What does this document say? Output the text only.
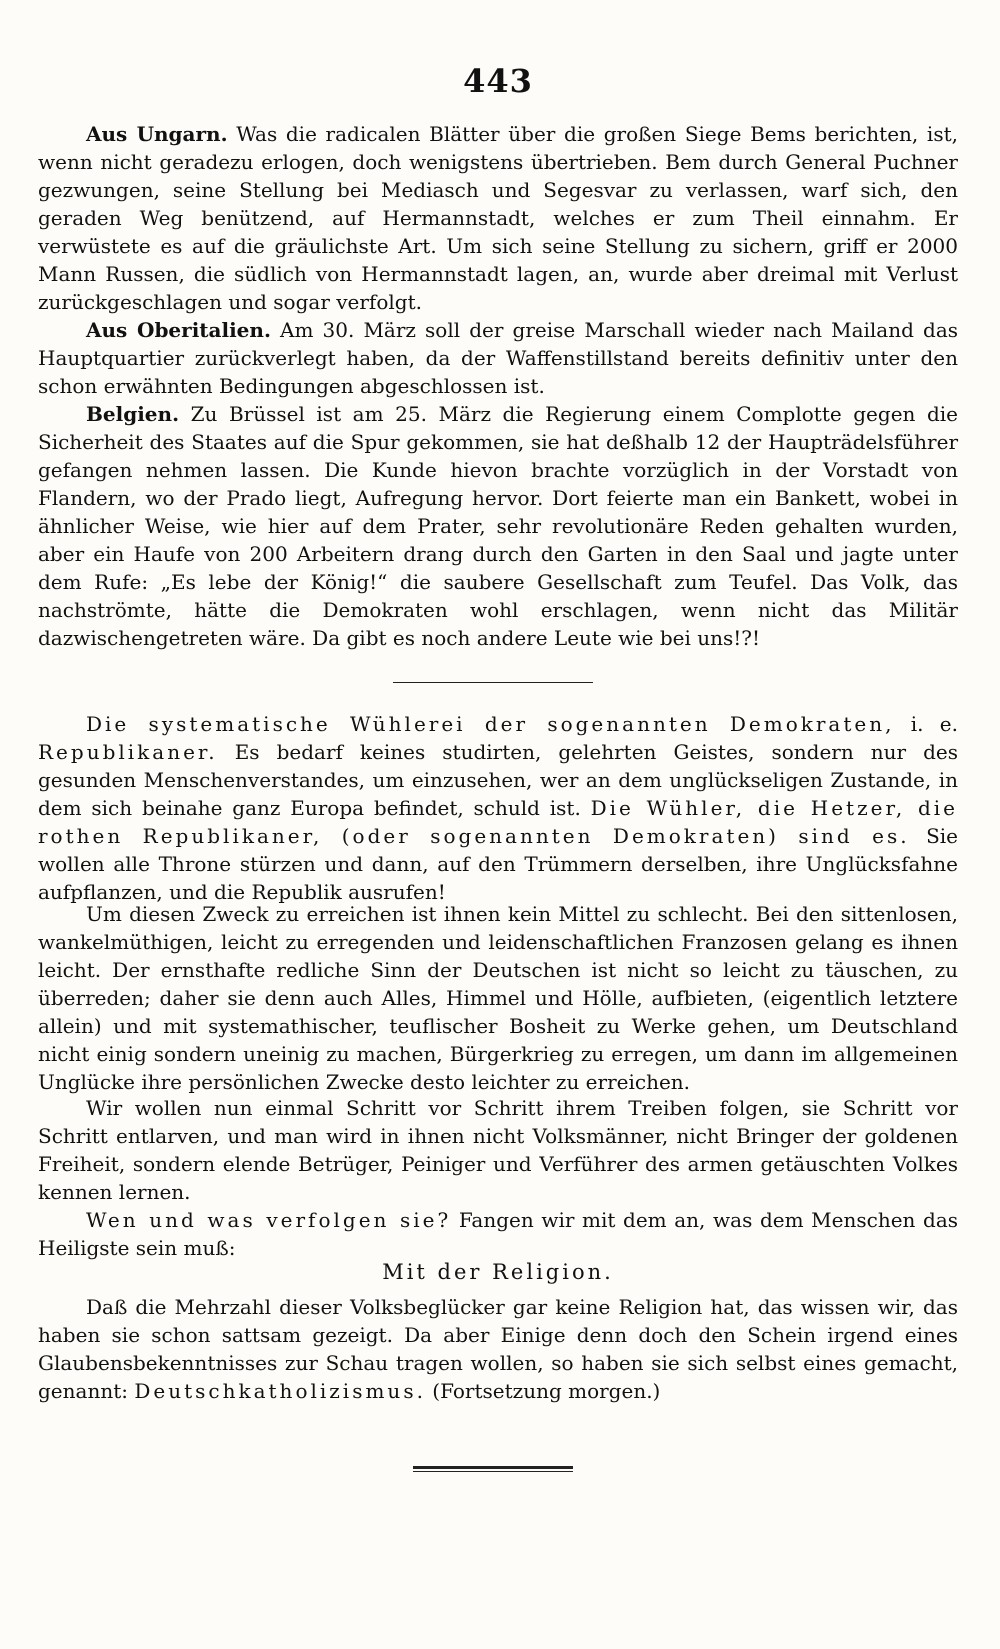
443

Aus Ungarn. Was die radicalen Blätter über die großen Siege Bems berichten, ist, wenn nicht geradezu erlogen, doch wenigstens übertrieben. Bem durch General Puchner gezwungen, seine Stellung bei Mediasch und Segesvar zu verlassen, warf sich, den geraden Weg benützend, auf Hermannstadt, welches er zum Theil einnahm. Er verwüstete es auf die gräulichste Art. Um sich seine Stellung zu sichern, griff er 2000 Mann Russen, die südlich von Hermannstadt lagen, an, wurde aber dreimal mit Verlust zurückgeschlagen und sogar verfolgt.

Aus Oberitalien. Am 30. März soll der greise Marschall wieder nach Mailand das Hauptquartier zurückverlegt haben, da der Waffenstillstand bereits definitiv unter den schon erwähnten Bedingungen abgeschlossen ist.

Belgien. Zu Brüssel ist am 25. März die Regierung einem Complotte gegen die Sicherheit des Staates auf die Spur gekommen, sie hat deßhalb 12 der Haupträdelsführer gefangen nehmen lassen. Die Kunde hievon brachte vorzüglich in der Vorstadt von Flandern, wo der Prado liegt, Aufregung hervor. Dort feierte man ein Bankett, wobei in ähnlicher Weise, wie hier auf dem Prater, sehr revolutionäre Reden gehalten wurden, aber ein Haufe von 200 Arbeitern drang durch den Garten in den Saal und jagte unter dem Rufe: „Es lebe der König!“ die saubere Gesellschaft zum Teufel. Das Volk, das nachströmte, hätte die Demokraten wohl erschlagen, wenn nicht das Militär dazwischengetreten wäre. Da gibt es noch andere Leute wie bei uns!?!

Die systematische Wühlerei der sogenannten Demokraten, i. e. Republikaner. Es bedarf keines studirten, gelehrten Geistes, sondern nur des gesunden Menschenverstandes, um einzusehen, wer an dem unglückseligen Zustande, in dem sich beinahe ganz Europa befindet, schuld ist. Die Wühler, die Hetzer, die rothen Republikaner, (oder sogenannten Demokraten) sind es. Sie wollen alle Throne stürzen und dann, auf den Trümmern derselben, ihre Unglücksfahne aufpflanzen, und die Republik ausrufen!

Um diesen Zweck zu erreichen ist ihnen kein Mittel zu schlecht. Bei den sittenlosen, wankelmüthigen, leicht zu erregenden und leidenschaftlichen Franzosen gelang es ihnen leicht. Der ernsthafte redliche Sinn der Deutschen ist nicht so leicht zu täuschen, zu überreden; daher sie denn auch Alles, Himmel und Hölle, aufbieten, (eigentlich letztere allein) und mit systemathischer, teuflischer Bosheit zu Werke gehen, um Deutschland nicht einig sondern uneinig zu machen, Bürgerkrieg zu erregen, um dann im allgemeinen Unglücke ihre persönlichen Zwecke desto leichter zu erreichen.

Wir wollen nun einmal Schritt vor Schritt ihrem Treiben folgen, sie Schritt vor Schritt entlarven, und man wird in ihnen nicht Volksmänner, nicht Bringer der goldenen Freiheit, sondern elende Betrüger, Peiniger und Verführer des armen getäuschten Volkes kennen lernen.

Wen und was verfolgen sie? Fangen wir mit dem an, was dem Menschen das Heiligste sein muß:

Mit der Religion.

Daß die Mehrzahl dieser Volksbeglücker gar keine Religion hat, das wissen wir, das haben sie schon sattsam gezeigt. Da aber Einige denn doch den Schein irgend eines Glaubensbekenntnisses zur Schau tragen wollen, so haben sie sich selbst eines gemacht, genannt: Deutschkatholizismus. (Fortsetzung morgen.)
